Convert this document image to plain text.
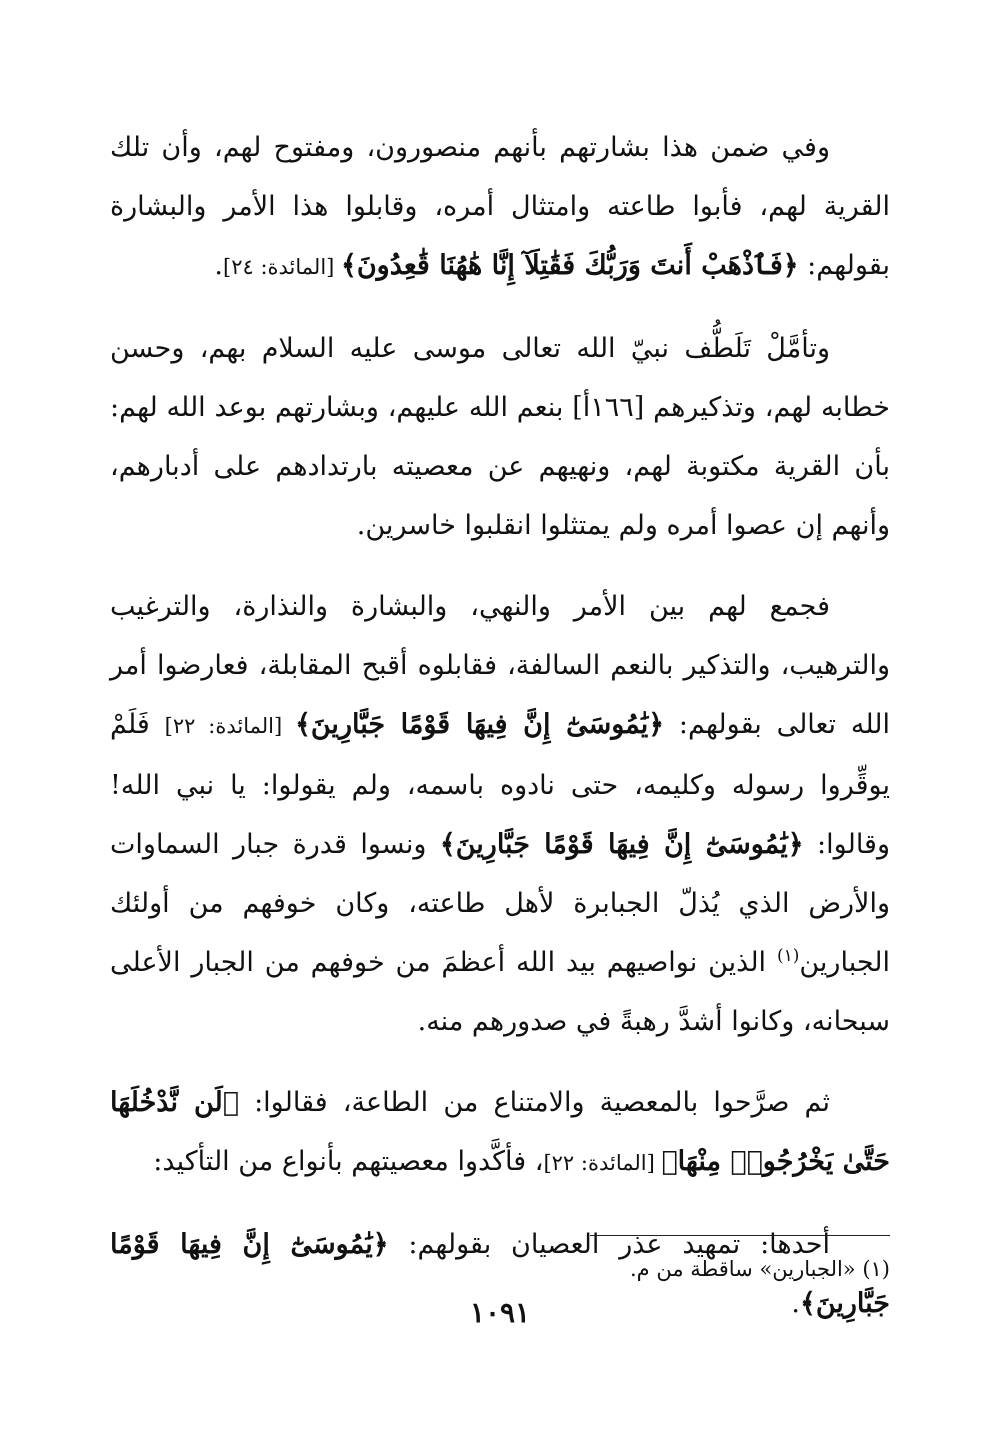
وفي ضمن هذا بشارتهم بأنهم منصورون، ومفتوح لهم، وأن تلك القرية لهم، فأبوا طاعته وامتثال أمره، وقابلوا هذا الأمر والبشارة بقولهم: ﴿فَٱذْهَبْ أَنتَ وَرَبُّكَ فَقَٰتِلَآ إِنَّا هَٰهُنَا قَٰعِدُونَ﴾ [المائدة: ٢٤].

وتأمَّلْ تَلَطُّف نبيّ الله تعالى موسى عليه السلام بهم، وحسن خطابه لهم، وتذكيرهم [١٦٦أ] بنعم الله عليهم، وبشارتهم بوعد الله لهم: بأن القرية مكتوبة لهم، ونهيهم عن معصيته بارتدادهم على أدبارهم، وأنهم إن عصوا أمره ولم يمتثلوا انقلبوا خاسرين.

فجمع لهم بين الأمر والنهي، والبشارة والنذارة، والترغيب والترهيب، والتذكير بالنعم السالفة، فقابلوه أقبح المقابلة، فعارضوا أمر الله تعالى بقولهم: ﴿يَٰمُوسَىٰٓ إِنَّ فِيهَا قَوْمًا جَبَّارِينَ﴾ [المائدة: ٢٢] فَلَمْ يوقِّروا رسوله وكليمه، حتى نادوه باسمه، ولم يقولوا: يا نبي الله! وقالوا: ﴿يَٰمُوسَىٰٓ إِنَّ فِيهَا قَوْمًا جَبَّارِينَ﴾ ونسوا قدرة جبار السماوات والأرض الذي يُذلّ الجبابرة لأهل طاعته، وكان خوفهم من أولئك الجبارين$^{(١)}$ الذين نواصيهم بيد الله أعظمَ من خوفهم من الجبار الأعلى سبحانه، وكانوا أشدَّ رهبةً في صدورهم منه.

ثم صرَّحوا بالمعصية والامتناع من الطاعة، فقالوا: ﴿لَن نَّدْخُلَهَا حَتَّىٰ يَخْرُجُوا۟ مِنْهَا﴾ [المائدة: ٢٢]، فأكَّدوا معصيتهم بأنواع من التأكيد:

أحدها: تمهيد عذر العصيان بقولهم: ﴿يَٰمُوسَىٰٓ إِنَّ فِيهَا قَوْمًا جَبَّارِينَ﴾.

(١) «الجبارين» ساقطة من م.
١٠٩١
